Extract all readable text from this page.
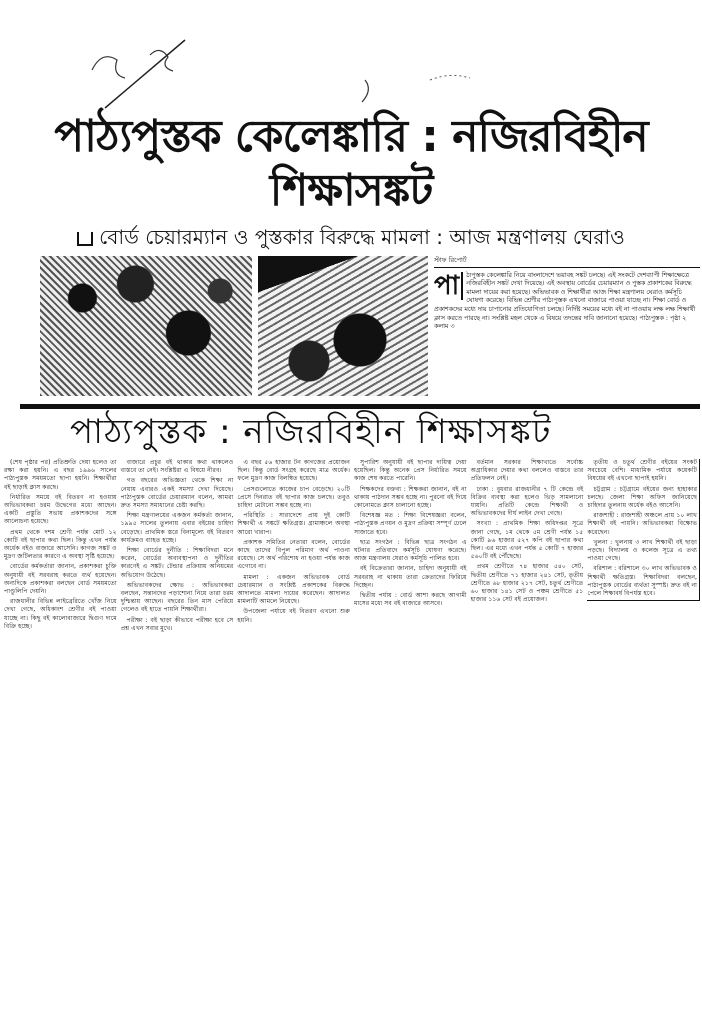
পাঠ্যপুস্তক কেলেঙ্কারি : নজিরবিহীন শিক্ষাসঙ্কট
বোর্ড চেয়ারম্যান ও পুস্তকার বিরুদ্ধে মামলা : আজ মন্ত্রণালয় ঘেরাও
স্টাফ রিপোর্ট
পা	ঠ্যপুস্তক কেলেঙ্কারি নিয়ে বাংলাদেশে ভয়াবহ সঙ্কট চলছে। এই সংকটে দেশব্যাপী শিক্ষাক্ষেত্রে নজিরবিহীন সঙ্কট দেখা দিয়েছে। এই অবস্থায় বোর্ডের চেয়ারম্যান ও পুস্তক প্রকাশকের বিরুদ্ধে মামলা দায়ের করা হয়েছে। অভিভাবক ও শিক্ষার্থীরা আজ শিক্ষা মন্ত্রণালয় ঘেরাও কর্মসূচি ঘোষণা করেছে। বিভিন্ন শ্রেণীর পাঠ্যপুস্তক এখনো বাজারে পাওয়া যাচ্ছে না। শিক্ষা বোর্ড ও প্রকাশকদের মধ্যে দায় চাপানোর প্রতিযোগিতা চলছে। নির্দিষ্ট সময়ের মধ্যে বই না পাওয়ায় লক্ষ লক্ষ শিক্ষার্থী ক্লাস করতে পারছে না। সংশ্লিষ্ট মহল থেকে এ বিষয়ে তদন্তের দাবি জানানো হয়েছে। পাঠ্যপুস্তক : পৃষ্ঠা ২ কলাম ৩
পাঠ্যপুস্তক : নজিরবিহীন শিক্ষাসঙ্কট

(শেষ পৃষ্ঠার পর) প্রতিশ্রুতি দেয়া হলেও তা রক্ষা করা হয়নি। এ বছর ১৯৯৬ সালের পাঠ্যপুস্তক সময়মতো ছাপা হয়নি। শিক্ষার্থীরা বই ছাড়াই ক্লাস করছে।

নির্ধারিত সময়ে বই বিতরণ না হওয়ায় অভিভাবকরা চরম উদ্বেগের মধ্যে আছেন। একটি প্রস্তুতি সভায় প্রকাশকদের সঙ্গে আলোচনা হয়েছে।

প্রথম থেকে দশম শ্রেণী পর্যন্ত মোট ১২ কোটি বই ছাপার কথা ছিল। কিন্তু এখন পর্যন্ত অর্ধেক বইও বাজারে আসেনি। কাগজ সঙ্কট ও মুদ্রণ জটিলতার কারণে এ অবস্থা সৃষ্টি হয়েছে।

বোর্ডের কর্মকর্তারা জানান, প্রকাশকরা চুক্তি অনুযায়ী বই সরবরাহ করতে ব্যর্থ হয়েছেন। অন্যদিকে প্রকাশকরা বলছেন বোর্ড সময়মতো পাণ্ডুলিপি দেয়নি।

রাজধানীর বিভিন্ন লাইব্রেরিতে খোঁজ নিয়ে দেখা গেছে, অধিকাংশ শ্রেণীর বই পাওয়া যাচ্ছে না। কিছু বই কালোবাজারে দ্বিগুণ দামে বিক্রি হচ্ছে।

বাজারে প্রচুর বই থাকার কথা থাকলেও বাস্তবে তা নেই। সংশ্লিষ্টরা এ বিষয়ে নীরব।

গত বছরের অভিজ্ঞতা থেকে শিক্ষা না নেয়ায় এবারও একই সমস্যা দেখা দিয়েছে। পাঠ্যপুস্তক বোর্ডের চেয়ারম্যান বলেন, আমরা দ্রুত সমস্যা সমাধানের চেষ্টা করছি।

শিক্ষা মন্ত্রণালয়ের একজন কর্মকর্তা জানান, ১৯৯৫ সালের তুলনায় এবার বইয়ের চাহিদা বেড়েছে। প্রাথমিক স্তরে বিনামূল্যে বই বিতরণ কার্যক্রমও ব্যাহত হচ্ছে।

শিক্ষা বোর্ডের দুর্নীতি : শিক্ষাবিদরা মনে করেন, বোর্ডের অব্যবস্থাপনা ও দুর্নীতির কারণেই এ সঙ্কট। টেন্ডার প্রক্রিয়ায় অনিয়মের অভিযোগ উঠেছে।

অভিভাবকদের ক্ষোভ : অভিভাবকরা বলছেন, সন্তানদের পড়াশোনা নিয়ে তারা চরম দুশ্চিন্তায় আছেন। বছরের তিন মাস পেরিয়ে গেলেও বই হাতে পায়নি শিক্ষার্থীরা।

পরীক্ষা : বই ছাড়া কীভাবে পরীক্ষা হবে সে প্রশ্ন এখন সবার মুখে।

এ বছর ৫৬ হাজার টন কাগজের প্রয়োজন ছিল। কিন্তু বোর্ড সংগ্রহ করেছে মাত্র অর্ধেক। ফলে মুদ্রণ কাজ বিলম্বিত হয়েছে।

প্রেসগুলোতে কাজের চাপ বেড়েছে। ২০টি প্রেসে দিনরাত বই ছাপার কাজ চলছে। তবুও চাহিদা মেটানো সম্ভব হচ্ছে না।

পরিস্থিতি : সারাদেশে প্রায় দুই কোটি শিক্ষার্থী এ সঙ্কটে ক্ষতিগ্রস্ত। গ্রামাঞ্চলে অবস্থা আরো খারাপ।

প্রকাশক সমিতির নেতারা বলেন, বোর্ডের কাছে তাদের বিপুল পরিমাণ অর্থ পাওনা রয়েছে। সে অর্থ পরিশোধ না হওয়া পর্যন্ত কাজ এগোবে না।

মামলা : একজন অভিভাবক বোর্ড চেয়ারম্যান ও সংশ্লিষ্ট প্রকাশকের বিরুদ্ধে আদালতে মামলা দায়ের করেছেন। আদালত মামলাটি আমলে নিয়েছে।

উপজেলা পর্যায়ে বই বিতরণ এখনো শুরু হয়নি।

সুপারিশ অনুযায়ী বই ছাপার দায়িত্ব দেয়া হয়েছিল। কিন্তু অনেক প্রেস নির্ধারিত সময়ে কাজ শেষ করতে পারেনি।

শিক্ষকদের বক্তব্য : শিক্ষকরা জানান, বই না থাকায় পাঠদান সম্ভব হচ্ছে না। পুরনো বই দিয়ে কোনোমতে ক্লাস চালানো হচ্ছে।

বিশেষজ্ঞ মত : শিক্ষা বিশেষজ্ঞরা বলেন, পাঠ্যপুস্তক প্রণয়ন ও মুদ্রণ প্রক্রিয়া সম্পূর্ণ ঢেলে সাজাতে হবে।

ছাত্র সংগঠন : বিভিন্ন ছাত্র সংগঠন এ ঘটনার প্রতিবাদে কর্মসূচি ঘোষণা করেছে। আজ মন্ত্রণালয় ঘেরাও কর্মসূচি পালিত হবে।

বই বিক্রেতারা জানান, চাহিদা অনুযায়ী বই সরবরাহ না থাকায় তারা ক্রেতাদের ফিরিয়ে দিচ্ছেন।

দ্বিতীয় পর্যায় : বোর্ড আশা করছে আগামী মাসের মধ্যে সব বই বাজারে আসবে।

বর্তমান সরকার শিক্ষাখাতে সর্বোচ্চ অগ্রাধিকার দেয়ার কথা বললেও বাস্তবে তার প্রতিফলন নেই।

ঢাকা : বুধবার রাজধানীর ৭ টি কেন্দ্রে বই বিক্রির ব্যবস্থা করা হলেও ভিড় সামলানো যায়নি। প্রতিটি কেন্দ্রে শিক্ষার্থী ও অভিভাবকদের দীর্ঘ লাইন দেখা গেছে।

সংখ্যা : প্রাথমিক শিক্ষা অধিদপ্তর সূত্রে জানা গেছে, ১ম থেকে ৫ম শ্রেণী পর্যন্ত ১৫ কোটি ৯৬ হাজার ৫২৭ কপি বই ছাপার কথা ছিল। এর মধ্যে এখন পর্যন্ত ৫ কোটি ৭ হাজার ৫৬০টি বই পৌঁছেছে।

প্রথম শ্রেণীতে ৭৪ হাজার ৫৪০ সেট, দ্বিতীয় শ্রেণীতে ৭১ হাজার ২৪১ সেট, তৃতীয় শ্রেণীতে ৬৮ হাজার ২১৭ সেট, চতুর্থ শ্রেণীতে ৬০ হাজার ১৪১ সেট ও পঞ্চম শ্রেণীতে ৫১ হাজার ১১৬ সেট বই প্রয়োজন।

তৃতীয় ও চতুর্থ শ্রেণীর বইয়ের সংকট সবচেয়ে বেশি। মাধ্যমিক পর্যায়ে কয়েকটি বিষয়ের বই এখনো ছাপাই হয়নি।

চট্টগ্রাম : চট্টগ্রামে বইয়ের জন্য হাহাকার চলছে। জেলা শিক্ষা অফিস জানিয়েছে চাহিদার তুলনায় অর্ধেক বইও আসেনি।

রাজশাহী : রাজশাহী অঞ্চলে প্রায় ১০ লাখ শিক্ষার্থী বই পায়নি। অভিভাবকরা বিক্ষোভ করেছেন।

খুলনা : খুলনায় ৩ লাখ শিক্ষার্থী বই ছাড়া পড়ছে। বিদ্যালয় ও কলেজ সূত্রে এ তথ্য পাওয়া গেছে।

বরিশাল : বরিশালে ৩০ লাখ অভিভাবক ও শিক্ষার্থী ক্ষতিগ্রস্ত। শিক্ষাবিদরা বলছেন, পাঠ্যপুস্তক বোর্ডের ব্যর্থতা সুস্পষ্ট। দ্রুত বই না পেলে শিক্ষাবর্ষ বিপর্যস্ত হবে।
